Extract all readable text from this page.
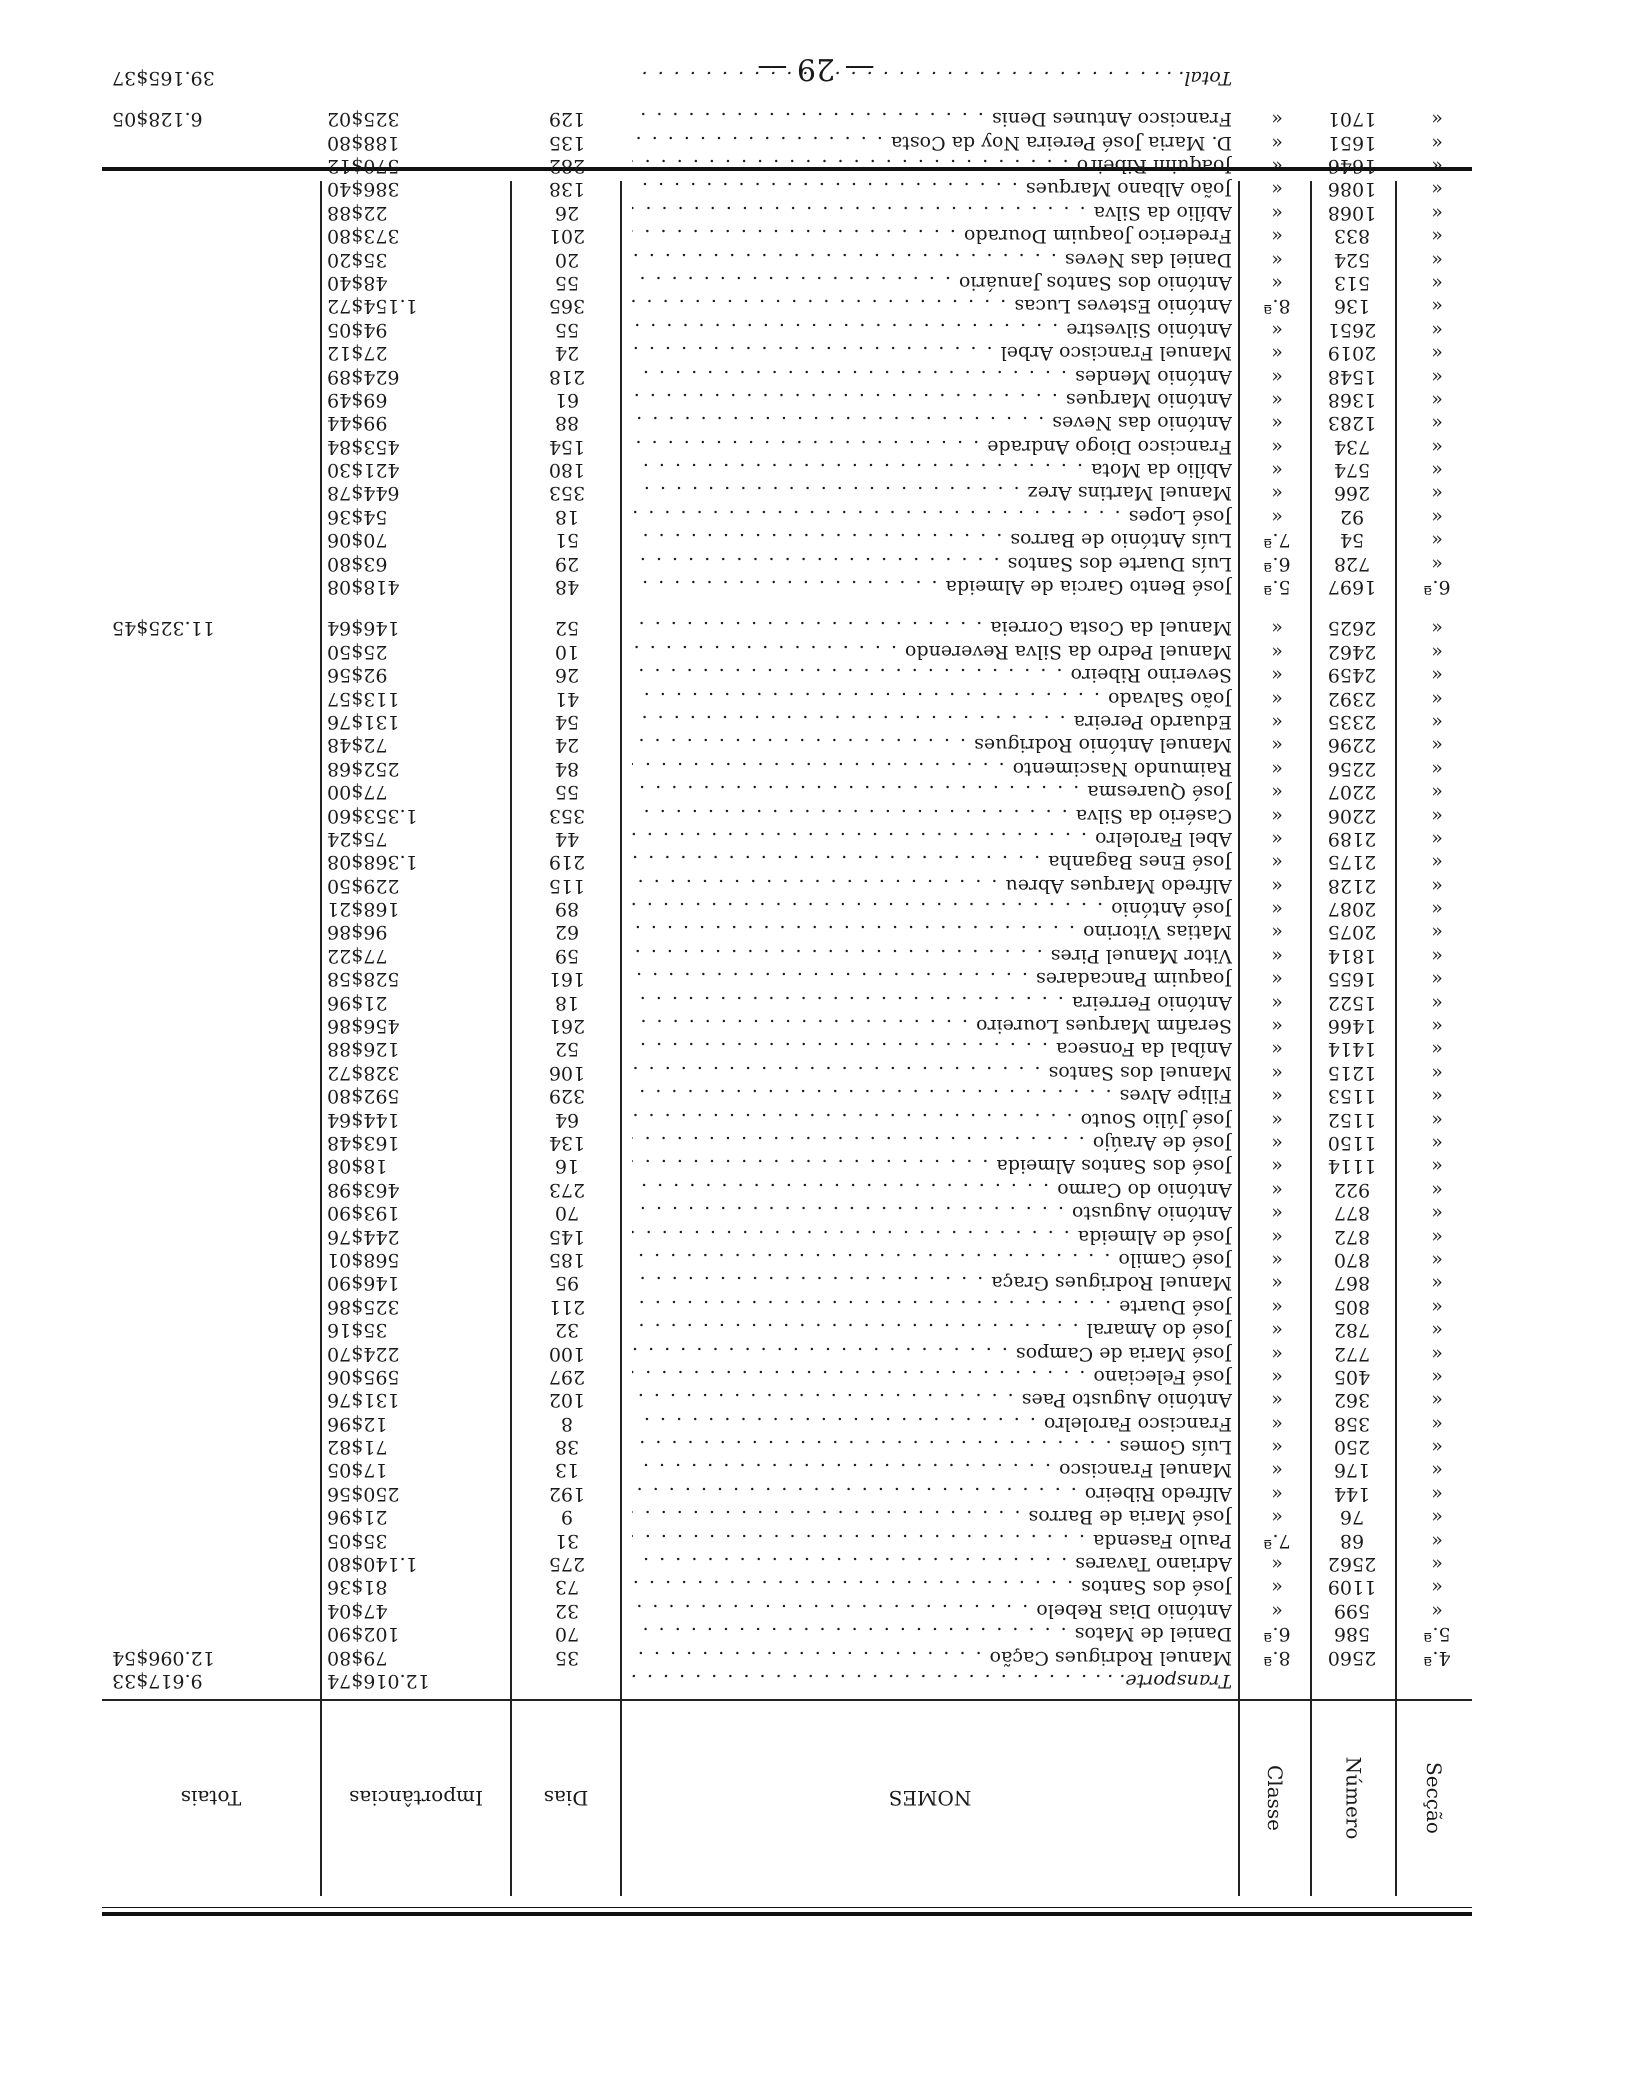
— 29 —
Secção
Número
Classe
NOMES
Dias
Importâncias
Totais
Transporte. . . . . .
12.016$74
9.617$33
4.ª
2560
8.ª
Manuel Rodrigues Cação . . .
35
79$80
12.096$54
5.ª
586
6.ª
Daniel de Matos . . .
70
102$90
«
599
«
António Dias Rebelo . . .
32
47$04
«
1109
«
José dos Santos . . .
73
81$36
«
2562
«
Adriano Tavares . . .
275
1.140$80
«
68
7.ª
Paulo Fasenda . . .
31
35$05
«
76
«
José Maria de Barros . . .
9
21$96
«
144
«
Alfredo Ribeiro . . .
192
250$56
«
176
«
Manuel Francisco . . .
13
17$05
«
250
«
Luís Gomes . . .
38
71$82
«
358
«
Francisco Farolelro . . .
8
12$96
«
362
«
António Augusto Paes . . .
102
131$76
«
405
«
José Feleciano . . .
297
595$06
«
772
«
José Maria de Campos . . .
100
224$70
«
782
«
José do Amaral . . .
32
35$16
«
805
«
José Duarte . . .
211
325$86
«
867
«
Manuel Rodrigues Graça . . .
95
146$90
«
870
«
José Camilo . . .
185
568$01
«
872
«
José de Almeida . . .
145
244$76
«
877
«
António Augusto . . .
70
193$90
«
922
«
António do Carmo . . .
273
463$98
«
1114
«
José dos Santos Almeida . . .
16
18$08
«
1150
«
José de Araújo . . .
134
163$48
«
1152
«
José Júlio Souto . . .
64
144$64
«
1153
«
Filipe Alves . . .
329
592$80
«
1215
«
Manuel dos Santos . . .
106
328$72
«
1414
«
Aníbal da Fonseca . . .
52
126$88
«
1466
«
Serafim Marques Loureiro . . .
261
456$86
«
1522
«
António Ferreira . . .
18
21$96
«
1655
«
Joaquim Pancadares . . .
161
528$58
«
1814
«
Vitor Manuel Pires . . .
59
77$22
«
2075
«
Matias Vitorino . . .
62
96$86
«
2087
«
José António . . .
89
168$21
«
2128
«
Alfredo Marques Abreu . . .
115
229$50
«
2175
«
José Enes Baganha . . .
219
1.368$08
«
2189
«
Abel Farolelro . . .
44
75$24
«
2206
«
Casério da Silva . . .
353
1.353$60
«
2207
«
José Quaresma . . .
55
77$00
«
2256
«
Raimundo Nascimento . . .
84
252$68
«
2296
«
Manuel António Rodrigues . . .
24
72$48
«
2335
«
Eduardo Pereira . . .
54
131$76
«
2392
«
João Salvado . . .
41
113$57
«
2459
«
Severino Ribeiro . . .
26
92$56
«
2462
«
Manuel Pedro da Silva Reverendo . . .
10
25$50
«
2625
«
Manuel da Costa Correia . . .
52
146$64
11.325$45
6.ª
1697
5.ª
José Bento Garcia de Almeida . . .
48
418$08
«
728
6.ª
Luís Duarte dos Santos . . .
29
63$80
«
54
7.ª
Luís António de Barros . . .
51
70$06
«
92
«
José Lopes . . .
18
54$36
«
266
«
Manuel Martins Arez . . .
353
644$78
«
574
«
Abílio da Mota . . .
180
421$30
«
734
«
Francisco Diogo Andrade . . .
154
453$84
«
1283
«
António das Neves . . .
88
99$44
«
1368
«
António Marques . . .
61
69$49
«
1548
«
António Mendes . . .
218
624$89
«
2019
«
Manuel Francisco Arbel . . .
24
27$12
«
2651
«
António Silvestre . . .
55
94$05
«
136
8.ª
António Esteves Lucas . . .
365
1.154$72
«
513
«
António dos Santos Januário . . .
55
48$40
«
524
«
Daniel das Neves . . .
20
35$20
«
833
«
Frederico Joaquim Dourado . . .
201
373$80
«
1068
«
Abílio da Silva . . .
26
22$88
«
1086
«
João Albano Marques . . .
138
386$40
«
1646
«
Joaquim Ribeiro . . .
282
570$12
«
1651
«
D. Maria José Pereira Noy da Costa . . .
135
188$80
«
1701
«
Francisco Antunes Denis . . .
129
325$02
6.128$05
Total. . . . . .
39.165$37
